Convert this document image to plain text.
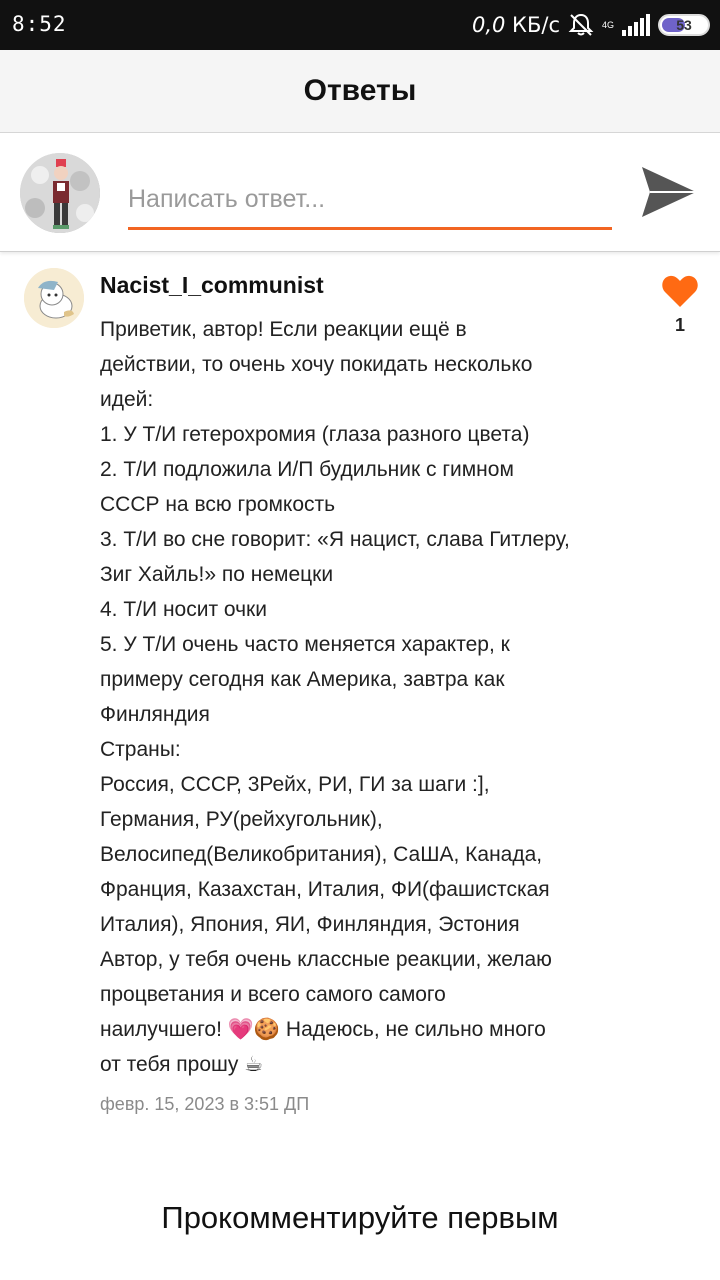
8:52	0,0 КБ/с	4G	53
Ответы
Написать ответ...
Nacist_I_communist
Приветик, автор! Если реакции ещё в
действии, то очень хочу покидать несколько
идей:
1. У Т/И гетерохромия (глаза разного цвета)
2. Т/И подложила И/П будильник с гимном
СССР на всю громкость
3. Т/И во сне говорит: «Я нацист, слава Гитлеру,
Зиг Хайль!» по немецки
4. Т/И носит очки
5. У Т/И очень часто меняется характер, к
примеру сегодня как Америка, завтра как
Финляндия
Страны:
Россия, СССР, 3Рейх, РИ, ГИ за шаги :],
Германия, РУ(рейхугольник),
Велосипед(Великобритания), СаША, Канада,
Франция, Казахстан, Италия, ФИ(фашистская
Италия), Япония, ЯИ, Финляндия, Эстония
Автор, у тебя очень классные реакции, желаю
процветания и всего самого самого
наилучшего! 💗🍪 Надеюсь, не сильно много
от тебя прошу ☕
февр. 15, 2023 в 3:51 ДП
1
Прокомментируйте первым
